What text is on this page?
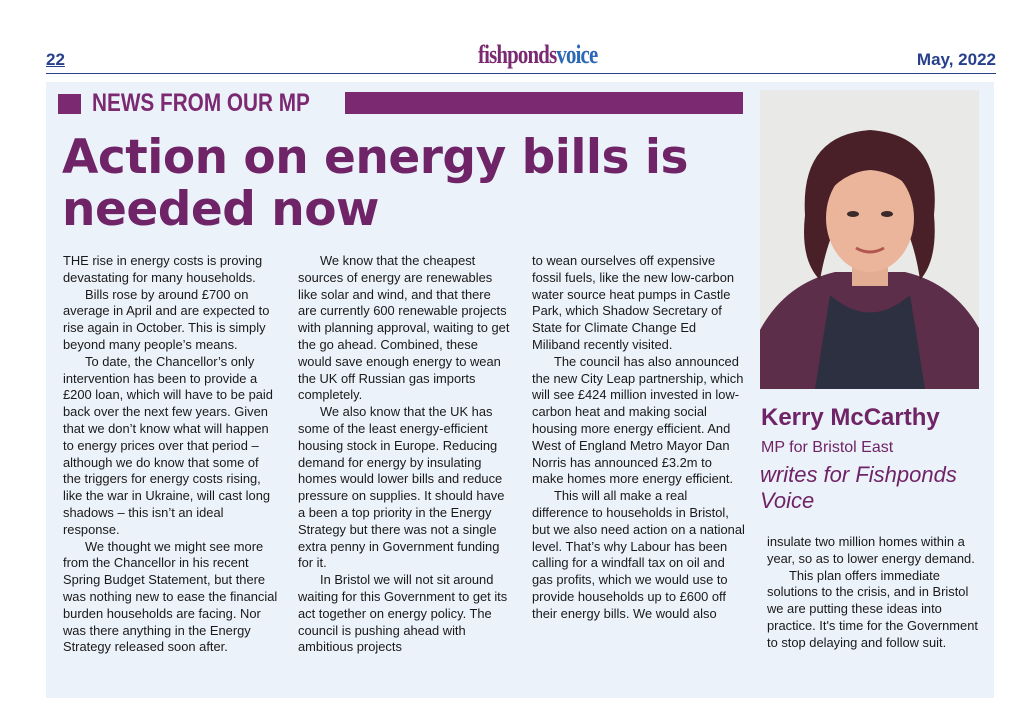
22	fishpondsvoice	May, 2022
NEWS FROM OUR MP
Action on energy bills is needed now

THE rise in energy costs is proving devastating for many households.

Bills rose by around £700 on average in April and are expected to rise again in October. This is simply beyond many people’s means.

To date, the Chancellor’s only intervention has been to provide a £200 loan, which will have to be paid back over the next few years. Given that we don’t know what will happen to energy prices over that period – although we do know that some of the triggers for energy costs rising, like the war in Ukraine, will cast long shadows – this isn’t an ideal response.

We thought we might see more from the Chancellor in his recent Spring Budget Statement, but there was nothing new to ease the financial burden households are facing. Nor was there anything in the Energy Strategy released soon after.

We know that the cheapest sources of energy are renewables like solar and wind, and that there are currently 600 renewable projects with planning approval, waiting to get the go ahead. Combined, these would save enough energy to wean the UK off Russian gas imports completely.

We also know that the UK has some of the least energy-efficient housing stock in Europe. Reducing demand for energy by insulating homes would lower bills and reduce pressure on supplies. It should have a been a top priority in the Energy Strategy but there was not a single extra penny in Government funding for it.

In Bristol we will not sit around waiting for this Government to get its act together on energy policy. The council is pushing ahead with ambitious projects

to wean ourselves off expensive fossil fuels, like the new low-carbon water source heat pumps in Castle Park, which Shadow Secretary of State for Climate Change Ed Miliband recently visited.

The council has also announced the new City Leap partnership, which will see £424 million invested in low-carbon heat and making social housing more energy efficient. And West of England Metro Mayor Dan Norris has announced £3.2m to make homes more energy efficient.

This will all make a real difference to households in Bristol, but we also need action on a national level. That’s why Labour has been calling for a windfall tax on oil and gas profits, which we would use to provide households up to £600 off their energy bills. We would also

Kerry McCarthy
MP for Bristol East
writes for Fishponds Voice

insulate two million homes within a year, so as to lower energy demand.

This plan offers immediate solutions to the crisis, and in Bristol we are putting these ideas into practice. It's time for the Government to stop delaying and follow suit.
